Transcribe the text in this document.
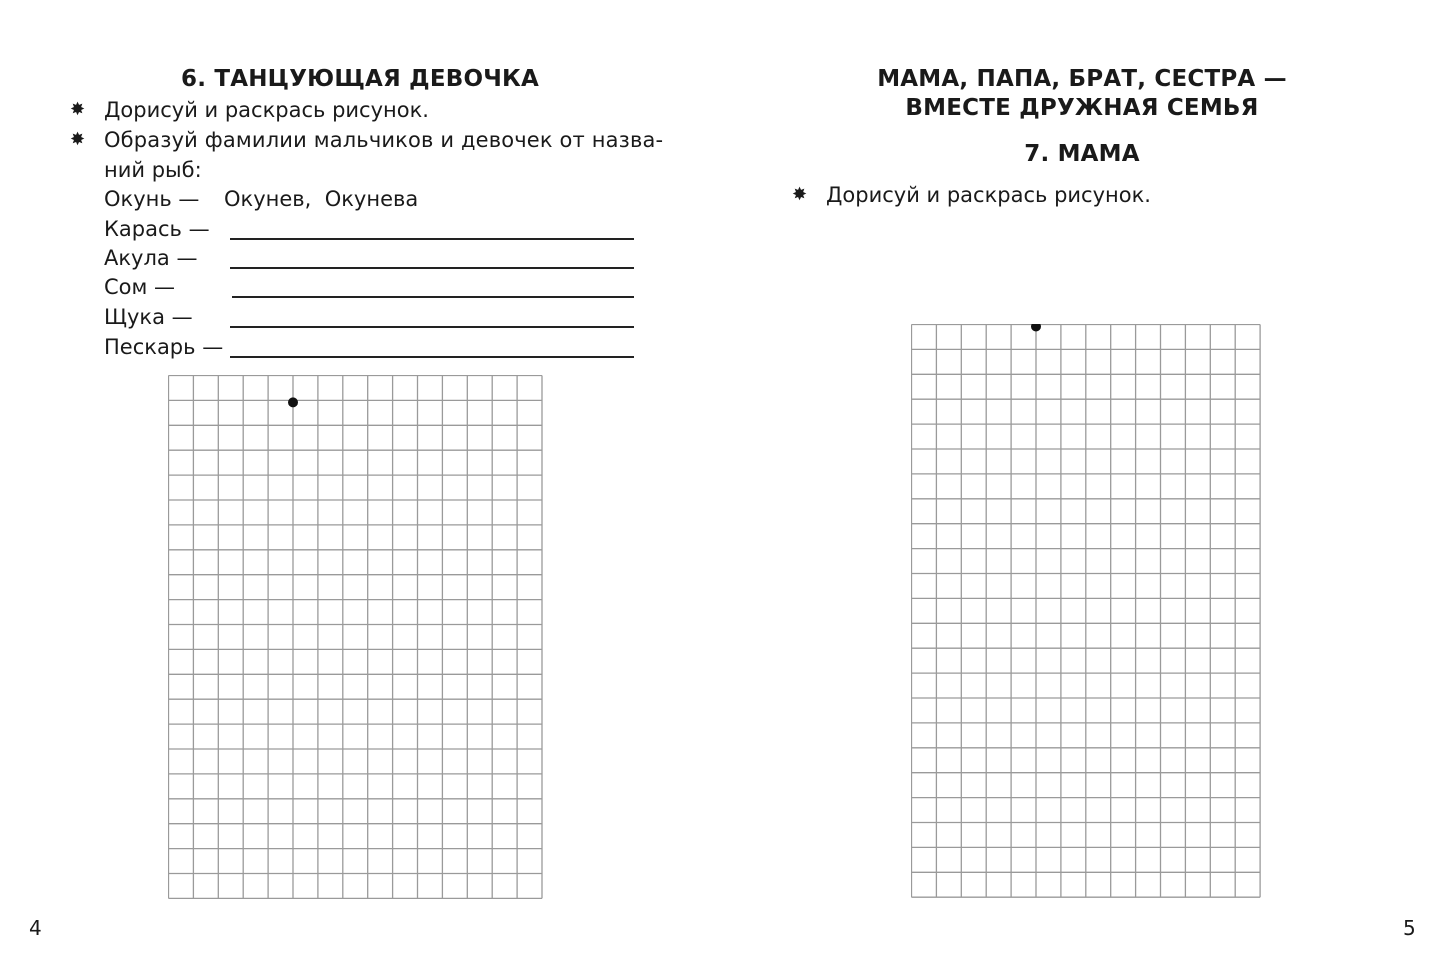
6. ТАНЦУЮЩАЯ ДЕВОЧКА
✸ Дорисуй и раскрась рисунок.
✸ Образуй фамилии мальчиков и девочек от назва-
ний рыб:
Окунь — Окунев,  Окунева
Карась —
Акула —
Сом —
Щука —
Пескарь —
4
МАМА, ПАПА, БРАТ, СЕСТРА —
ВМЕСТЕ ДРУЖНАЯ СЕМЬЯ
7. МАМА
✸ Дорисуй и раскрась рисунок.
5
